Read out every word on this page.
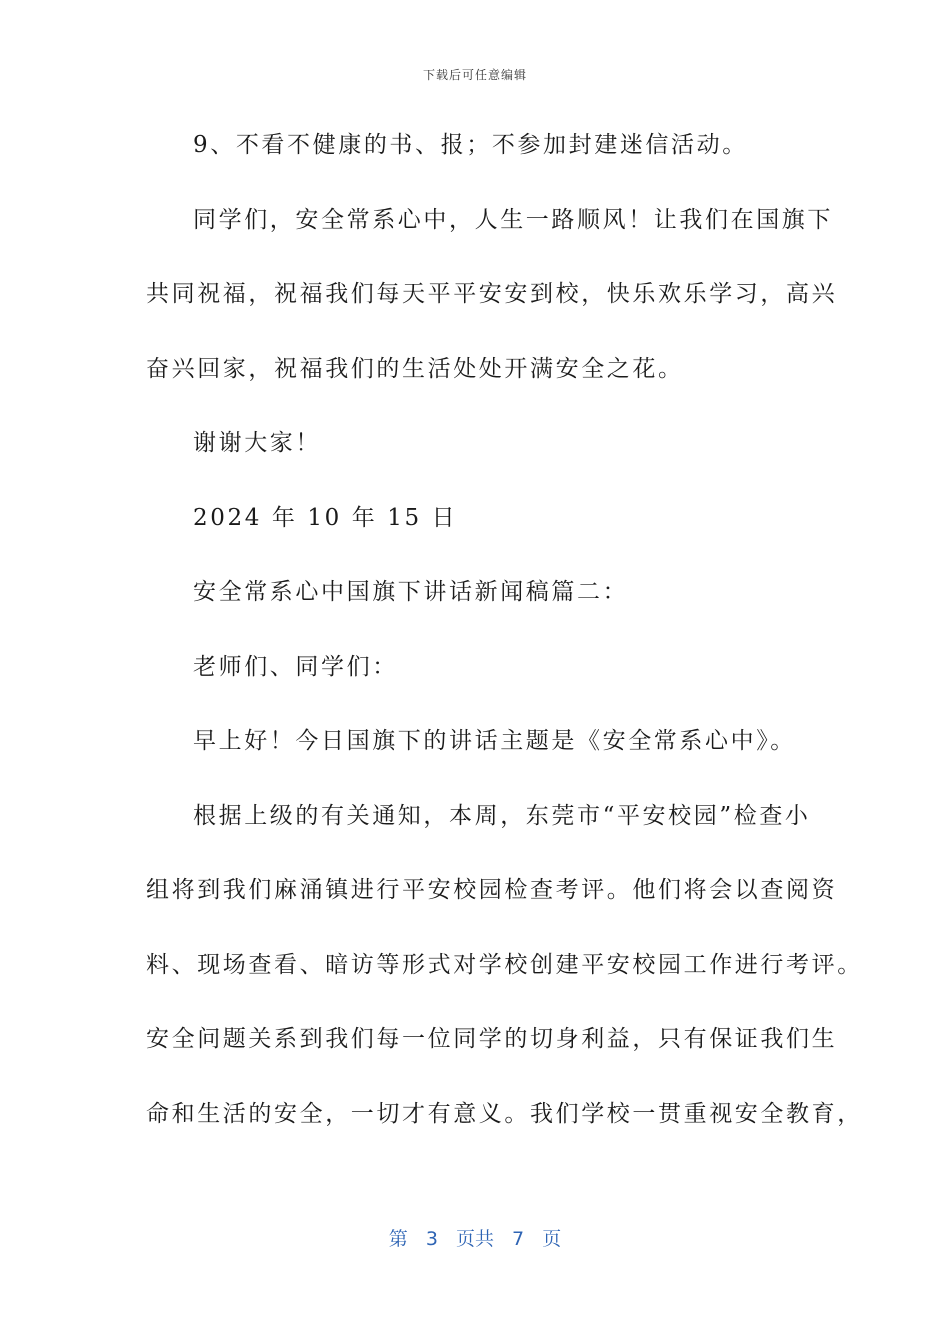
下载后可任意编辑
9、不看不健康的书、报；不参加封建迷信活动。
同学们，安全常系心中，人生一路顺风！让我们在国旗下
共同祝福，祝福我们每天平平安安到校，快乐欢乐学习，高兴
奋兴回家，祝福我们的生活处处开满安全之花。
谢谢大家！
2024 年 10 年 15 日
安全常系心中国旗下讲话新闻稿篇二：
老师们、同学们：
早上好！今日国旗下的讲话主题是《安全常系心中》。
根据上级的有关通知，本周，东莞市“平安校园”检查小
组将到我们麻涌镇进行平安校园检查考评。他们将会以查阅资
料、现场查看、暗访等形式对学校创建平安校园工作进行考评。
安全问题关系到我们每一位同学的切身利益，只有保证我们生
命和生活的安全，一切才有意义。我们学校一贯重视安全教育，
第 3 页共 7 页
